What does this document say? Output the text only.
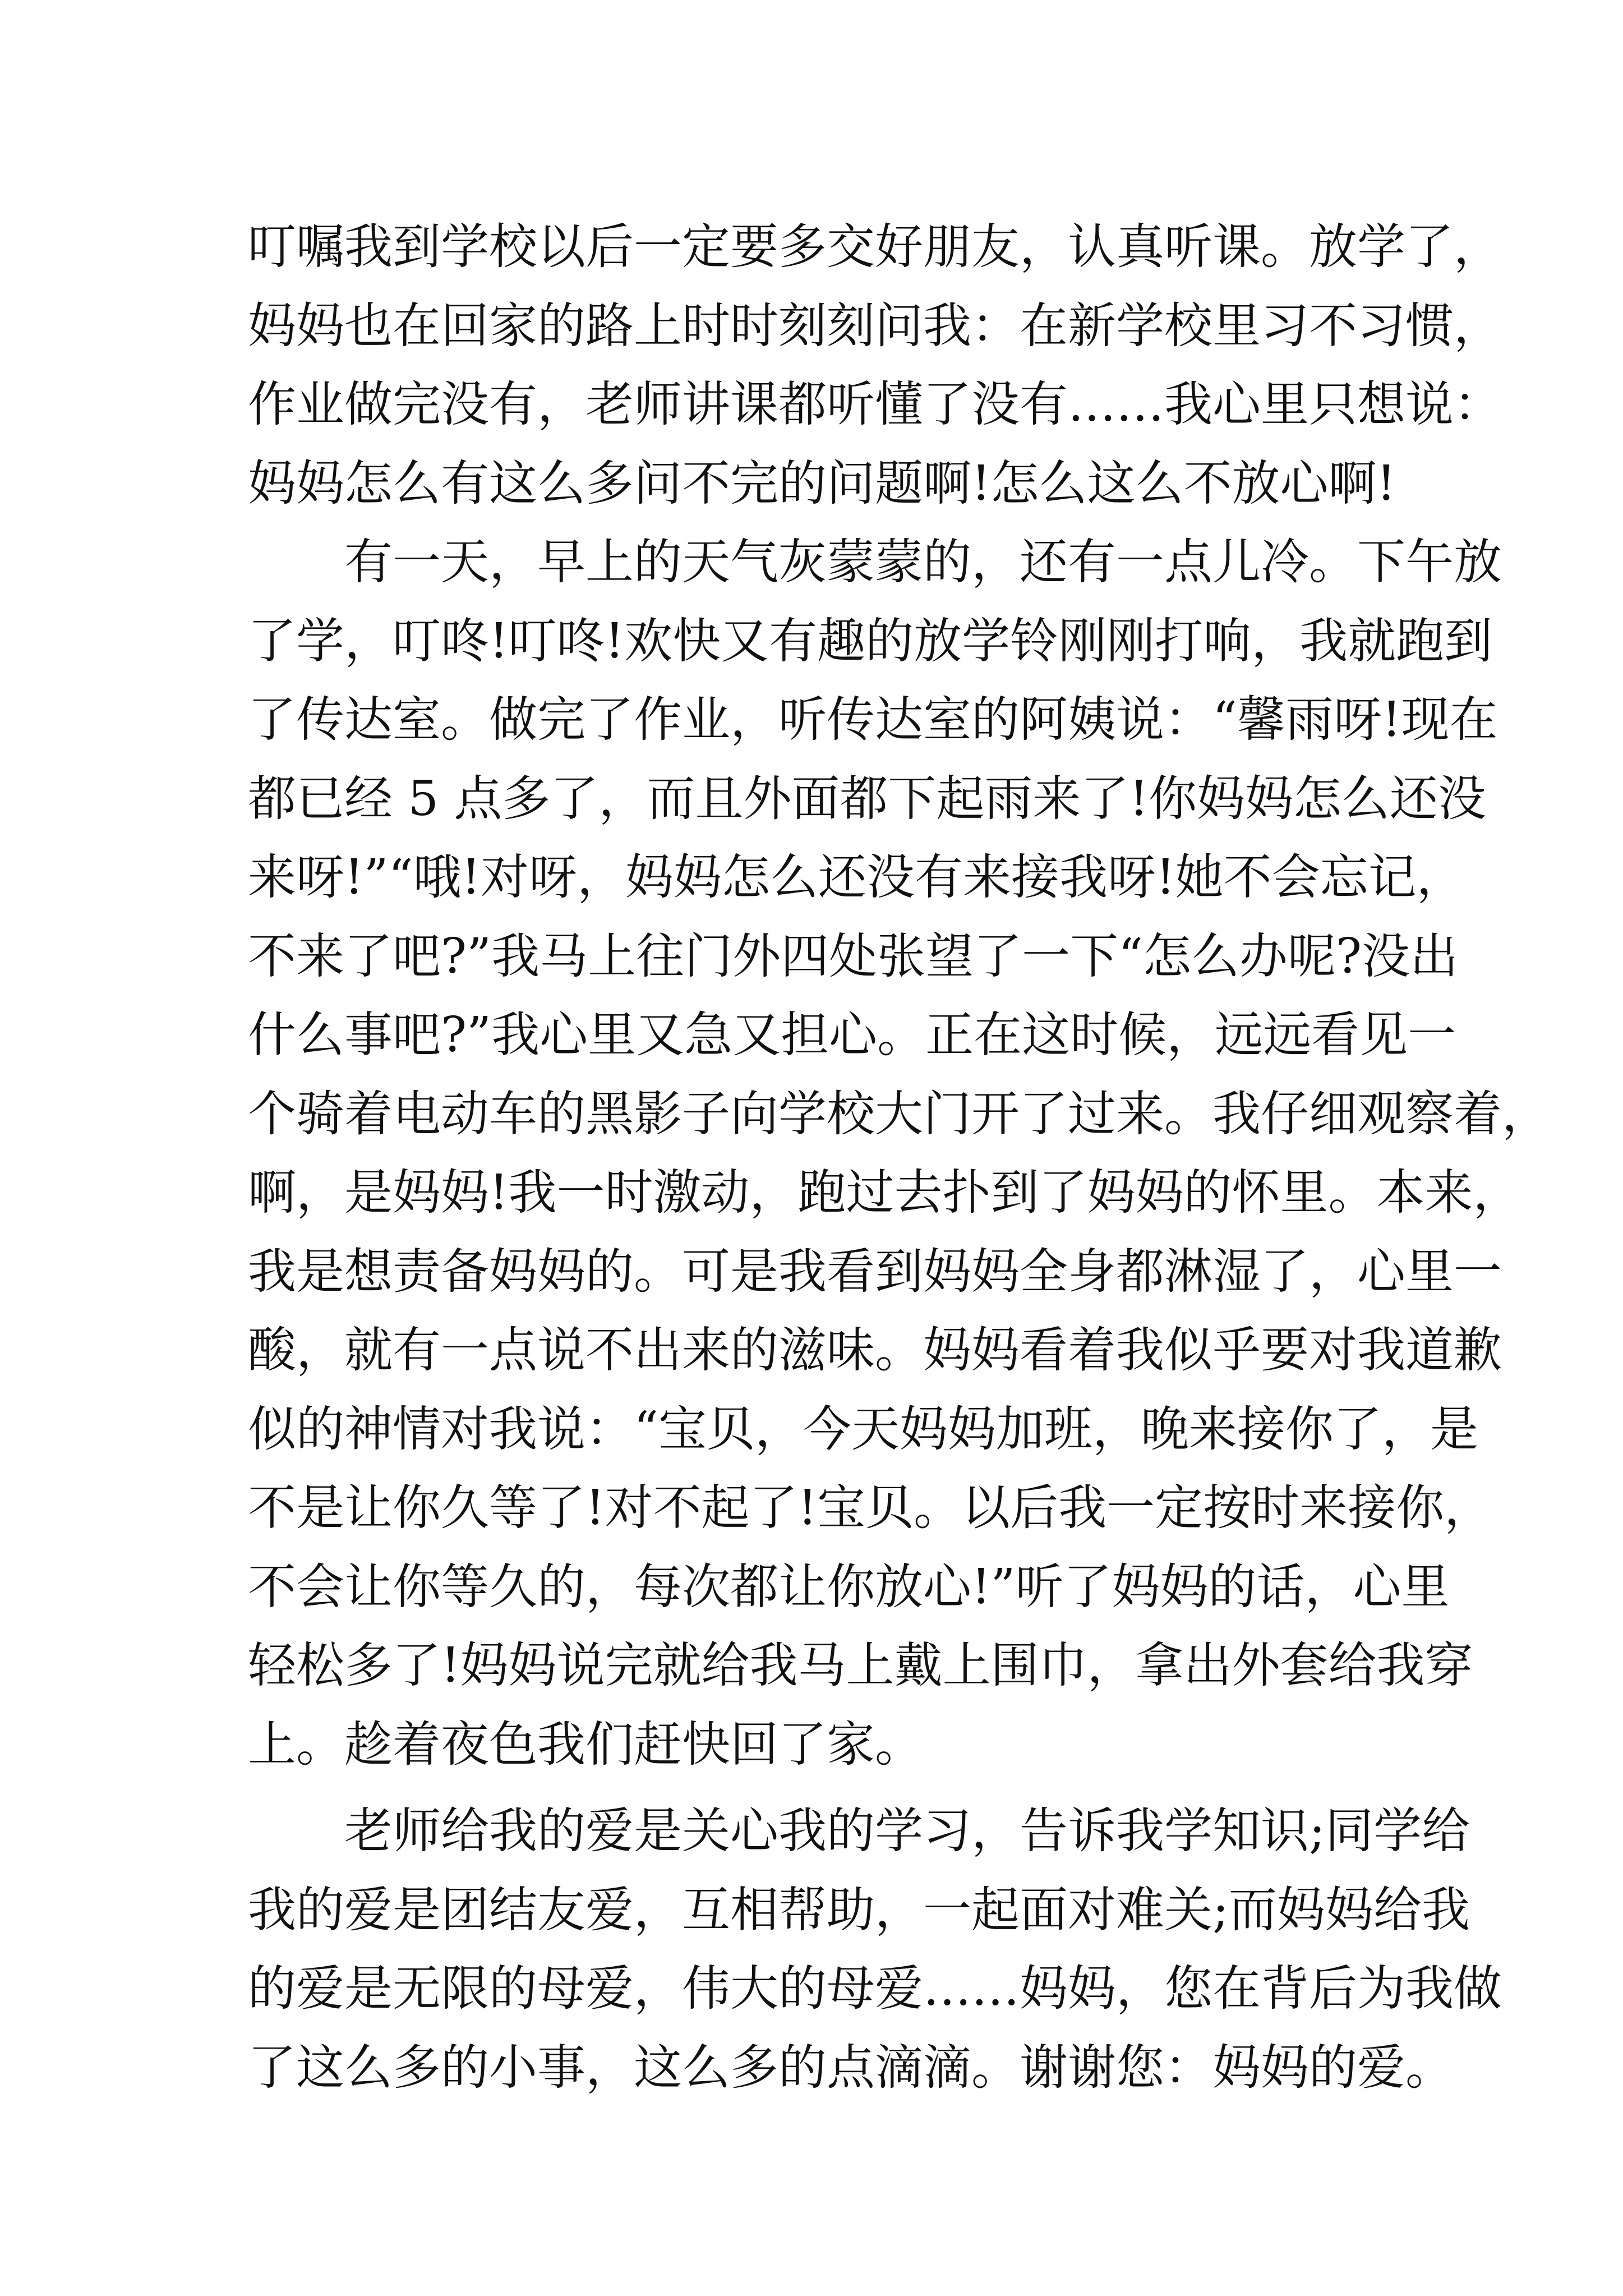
叮嘱我到学校以后一定要多交好朋友，认真听课。放学了，
妈妈也在回家的路上时时刻刻问我：在新学校里习不习惯，
作业做完没有，老师讲课都听懂了没有……我心里只想说：
妈妈怎么有这么多问不完的问题啊!怎么这么不放心啊!
有一天，早上的天气灰蒙蒙的，还有一点儿冷。下午放
了学，叮咚!叮咚!欢快又有趣的放学铃刚刚打响，我就跑到
了传达室。做完了作业，听传达室的阿姨说：“馨雨呀!现在
都已经 5 点多了，而且外面都下起雨来了!你妈妈怎么还没
来呀!”“哦!对呀，妈妈怎么还没有来接我呀!她不会忘记，
不来了吧?”我马上往门外四处张望了一下“怎么办呢?没出
什么事吧?”我心里又急又担心。正在这时候，远远看见一
个骑着电动车的黑影子向学校大门开了过来。我仔细观察着，
啊，是妈妈!我一时激动，跑过去扑到了妈妈的怀里。本来，
我是想责备妈妈的。可是我看到妈妈全身都淋湿了，心里一
酸，就有一点说不出来的滋味。妈妈看着我似乎要对我道歉
似的神情对我说：“宝贝，今天妈妈加班，晚来接你了，是
不是让你久等了!对不起了!宝贝。以后我一定按时来接你，
不会让你等久的，每次都让你放心!”听了妈妈的话，心里
轻松多了!妈妈说完就给我马上戴上围巾，拿出外套给我穿
上。趁着夜色我们赶快回了家。
老师给我的爱是关心我的学习，告诉我学知识;同学给
我的爱是团结友爱，互相帮助，一起面对难关;而妈妈给我
的爱是无限的母爱，伟大的母爱……妈妈，您在背后为我做
了这么多的小事，这么多的点滴滴。谢谢您：妈妈的爱。
